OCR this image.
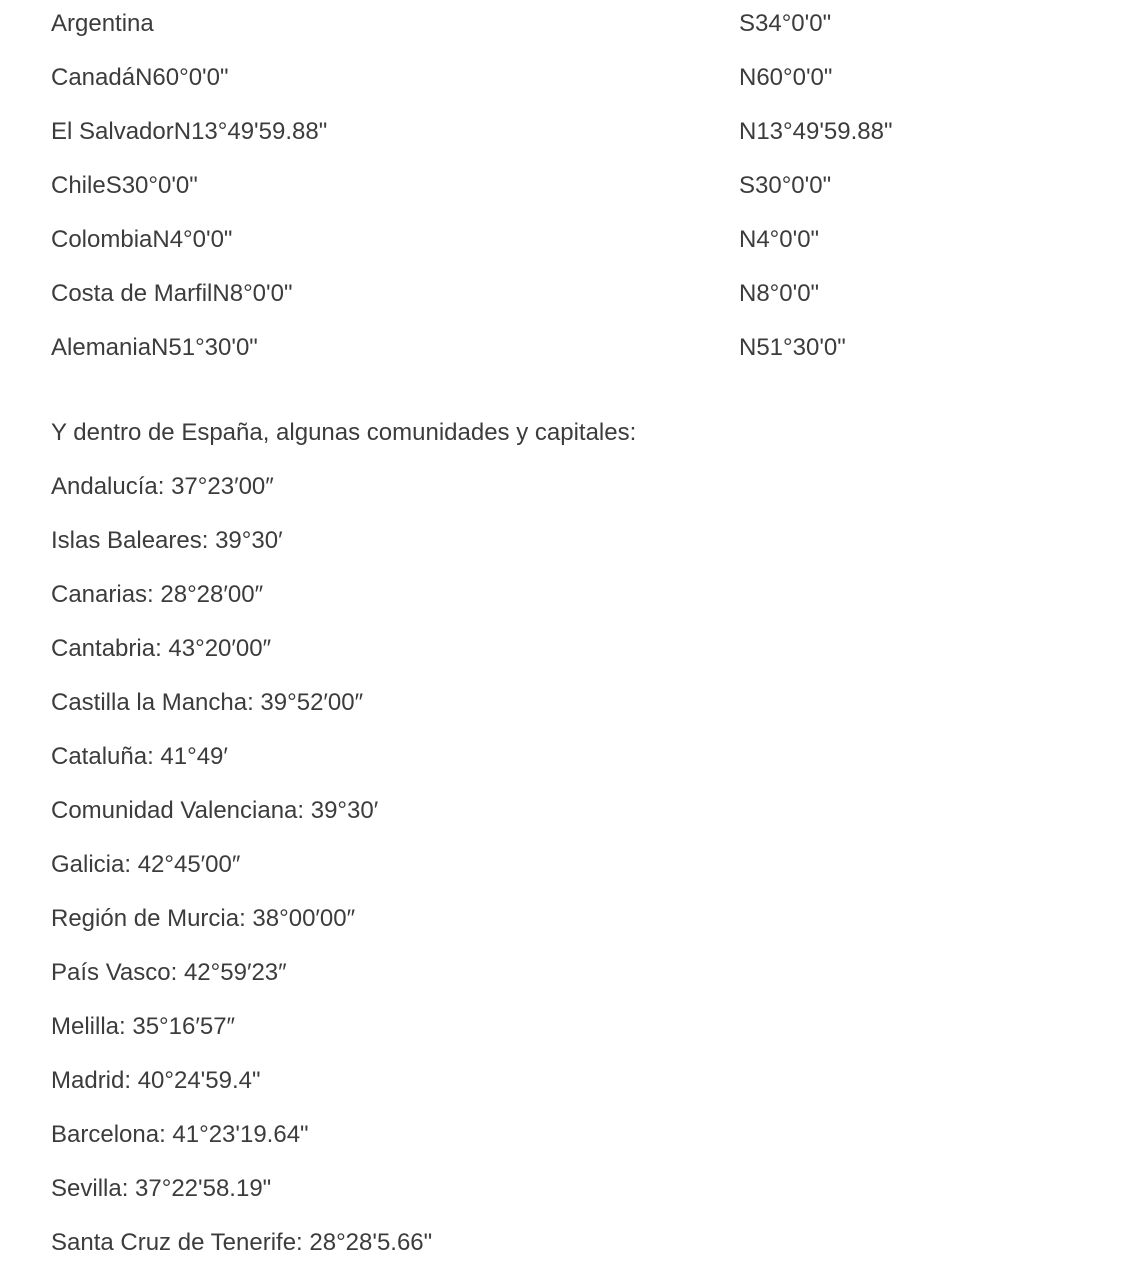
Argentina	S34°0'0"
CanadáN60°0'0"	N60°0'0"
El SalvadorN13°49'59.88"	N13°49'59.88"
ChileS30°0'0"	S30°0'0"
ColombiaN4°0'0"	N4°0'0"
Costa de MarfilN8°0'0"	N8°0'0"
AlemaniaN51°30'0"	N51°30'0"

Y dentro de España, algunas comunidades y capitales:

Andalucía: 37°23′00″
Islas Baleares: 39°30′
Canarias: 28°28′00″
Cantabria: 43°20′00″
Castilla la Mancha: 39°52′00″
Cataluña: 41°49′
Comunidad Valenciana: 39°30′
Galicia: 42°45′00″
Región de Murcia: 38°00′00″
País Vasco: 42°59′23″
Melilla: 35°16′57″
Madrid: 40°24'59.4"
Barcelona: 41°23'19.64"
Sevilla: 37°22'58.19"
Santa Cruz de Tenerife: 28°28'5.66"
